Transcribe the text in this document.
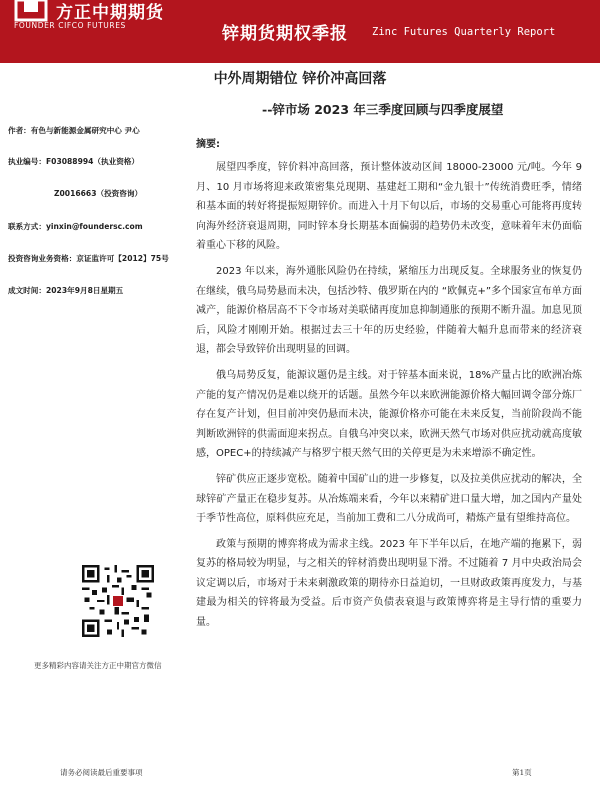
方正中期期货
FOUNDER CIFCO FUTURES	锌期货期权季报 Zinc Futures Quarterly Report
中外周期错位 锌价冲高回落
--锌市场 2023 年三季度回顾与四季度展望
作者：有色与新能源金属研究中心 尹心
执业编号：F03088994（执业资格）
Z0016663（投资咨询）
联系方式：yinxin@foundersc.com
投资咨询业务资格：京证监许可【2012】75号
成文时间：2023年9月8日星期五
摘要:

展望四季度，锌价料冲高回落，预计整体波动区间 18000-23000 元/吨。今年 9 月、10 月市场将迎来政策密集兑现期、基建赶工期和“金九银十”传统消费旺季，情绪和基本面的转好将提振短期锌价。而进入十月下旬以后，市场的交易重心可能将再度转向海外经济衰退周期，同时锌本身长期基本面偏弱的趋势仍未改变，意味着年末仍面临着重心下移的风险。

2023 年以来，海外通胀风险仍在持续，紧缩压力出现反复。全球服务业的恢复仍在继续，俄乌局势悬而未决，包括沙特、俄罗斯在内的 “欧佩克+”多个国家宣布单方面减产，能源价格居高不下令市场对美联储再度加息抑制通胀的预期不断升温。加息见顶后，风险才刚刚开始。根据过去三十年的历史经验，伴随着大幅升息而带来的经济衰退，都会导致锌价出现明显的回调。

俄乌局势反复，能源议题仍是主线。对于锌基本面来说，18%产量占比的欧洲冶炼产能的复产情况仍是难以绕开的话题。虽然今年以来欧洲能源价格大幅回调令部分炼厂存在复产计划，但目前冲突仍悬而未决，能源价格亦可能在未来反复，当前阶段尚不能判断欧洲锌的供需面迎来拐点。自俄乌冲突以来，欧洲天然气市场对供应扰动就高度敏感，OPEC+的持续减产与格罗宁根天然气田的关停更是为未来增添不确定性。

锌矿供应正逐步宽松。随着中国矿山的进一步修复，以及拉美供应扰动的解决，全球锌矿产量正在稳步复苏。从冶炼端来看，今年以来精矿进口量大增，加之国内产量处于季节性高位，原料供应充足，当前加工费和二八分成尚可，精炼产量有望维持高位。

政策与预期的博弈将成为需求主线。2023 年下半年以后，在地产端的拖累下，弱复苏的格局较为明显，与之相关的锌材消费出现明显下滑。不过随着 7 月中央政治局会议定调以后，市场对于未来刺激政策的期待亦日益迫切，一旦财政政策再度发力，与基建最为相关的锌将最为受益。后市资产负债表衰退与政策博弈将是主导行情的重要力量。

更多精彩内容请关注方正中期官方微信
请务必阅读最后重要事项	第1页
